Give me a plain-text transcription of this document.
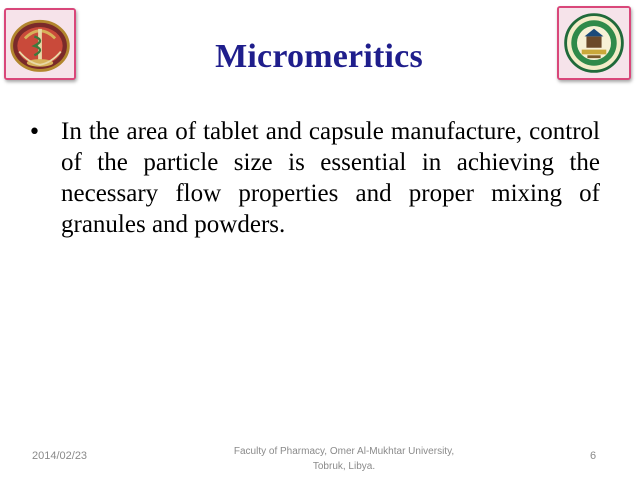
Micromeritics
• In the area of tablet and capsule manufacture, control of the particle size is essential in achieving the necessary flow properties and proper mixing of granules and powders.
2014/02/23	Faculty of Pharmacy, Omer Al-Mukhtar University,
Tobruk, Libya.
6
